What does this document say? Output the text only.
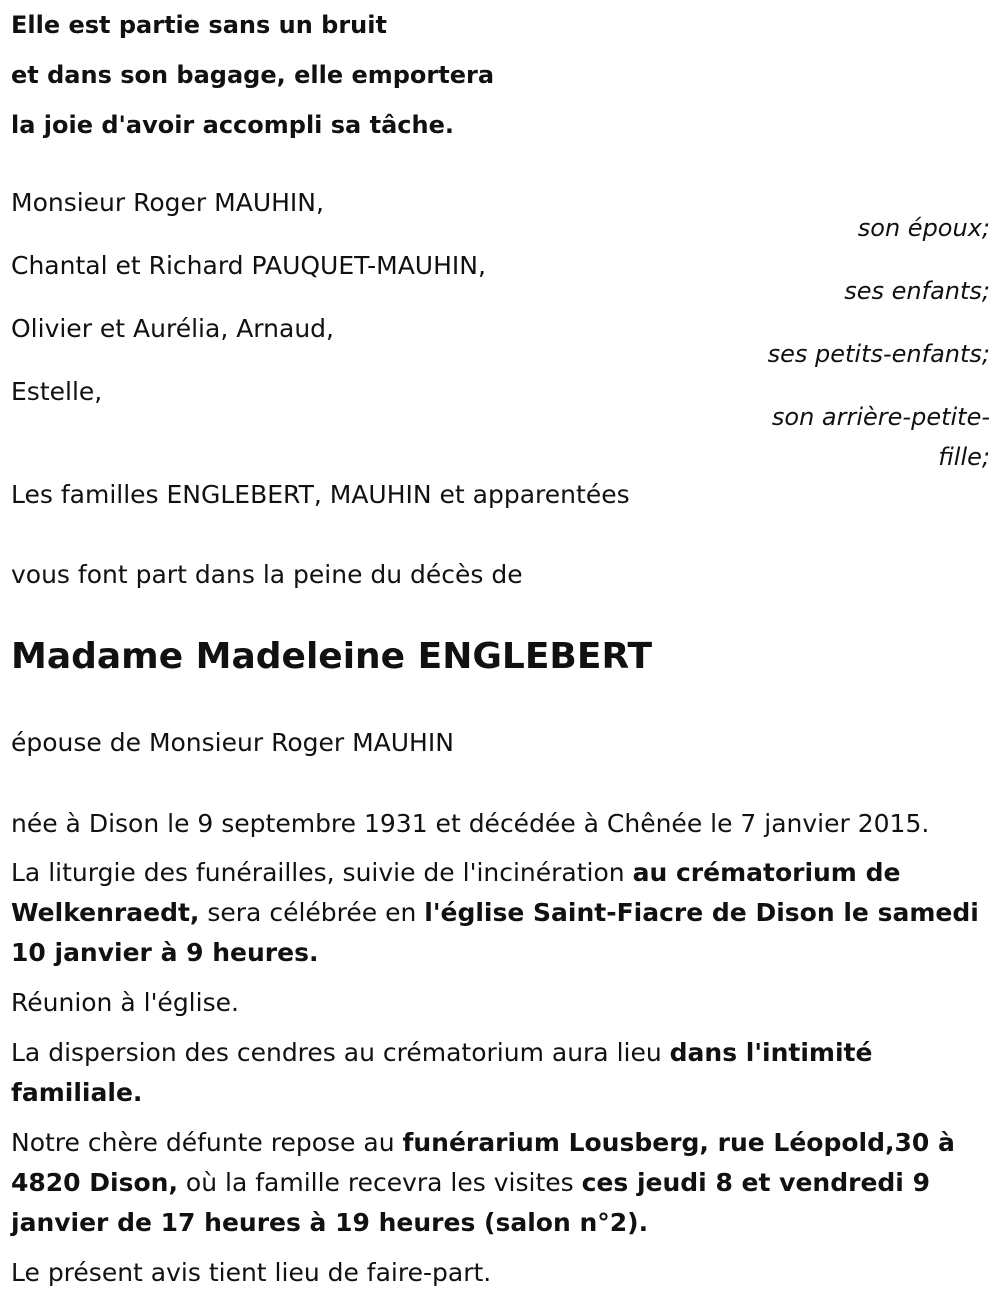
Elle est partie sans un bruit
et dans son bagage, elle emportera
la joie d'avoir accompli sa tâche.
Monsieur Roger MAUHIN,
son époux;
Chantal et Richard PAUQUET-MAUHIN,
ses enfants;
Olivier et Aurélia, Arnaud,
ses petits-enfants;
Estelle,
son arrière-petite-
fille;
Les familles ENGLEBERT, MAUHIN et apparentées
vous font part dans la peine du décès de
Madame Madeleine ENGLEBERT
épouse de Monsieur Roger MAUHIN
née à Dison le 9 septembre 1931 et décédée à Chênée le 7 janvier 2015.

La liturgie des funérailles, suivie de l'incinération au crématorium de Welkenraedt, sera célébrée en l'église Saint-Fiacre de Dison le samedi 10 janvier à 9 heures.

Réunion à l'église.

La dispersion des cendres au crématorium aura lieu dans l'intimité familiale.

Notre chère défunte repose au funérarium Lousberg, rue Léopold,30 à 4820 Dison, où la famille recevra les visites ces jeudi 8 et vendredi 9 janvier de 17 heures à 19 heures (salon n°2).

Le présent avis tient lieu de faire-part.
